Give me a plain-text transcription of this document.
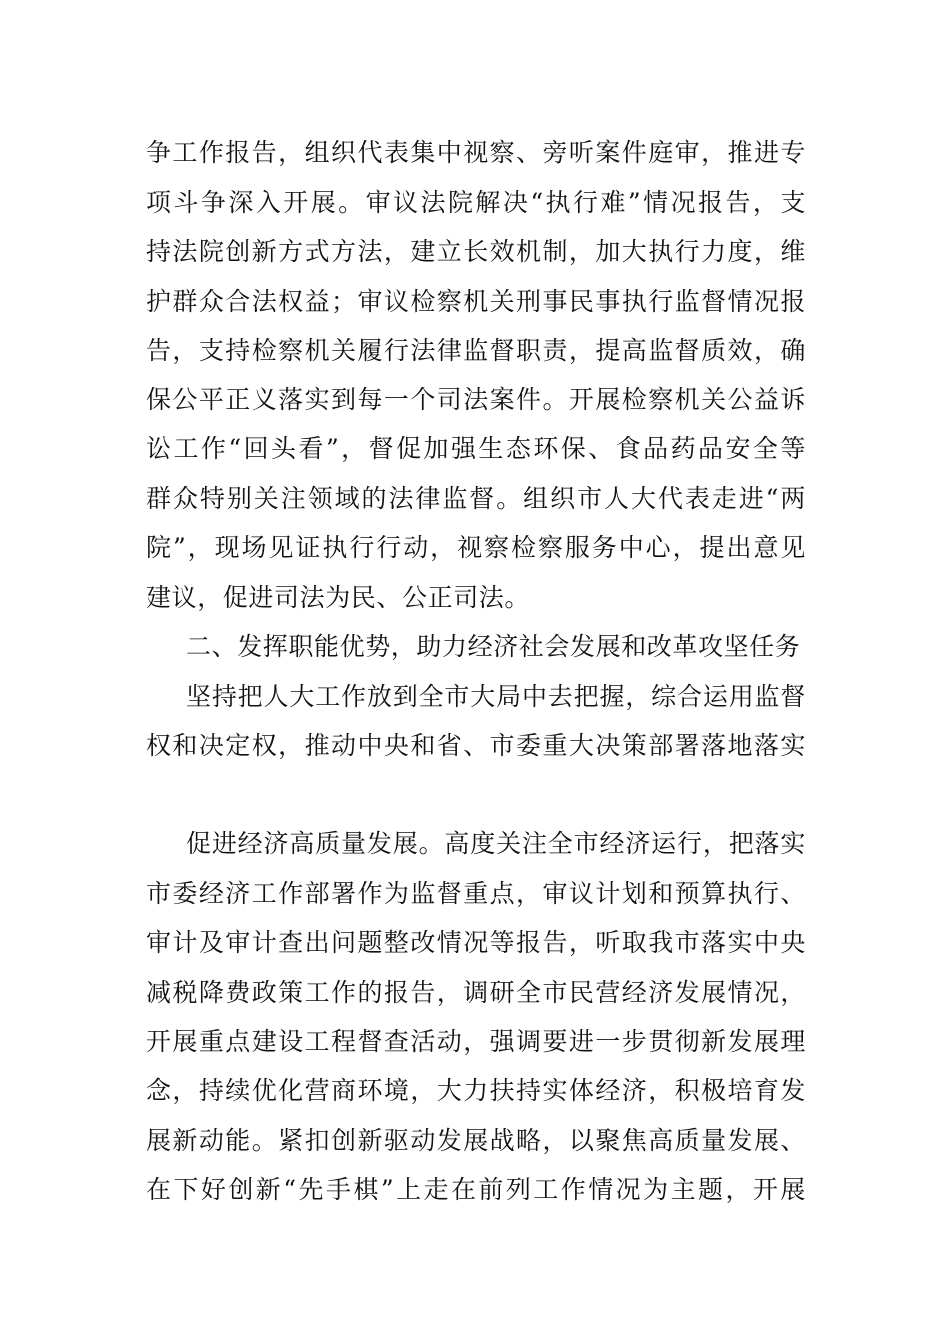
争工作报告，组织代表集中视察、旁听案件庭审，推进专
项斗争深入开展。审议法院解决“执行难”情况报告，支
持法院创新方式方法，建立长效机制，加大执行力度，维
护群众合法权益；审议检察机关刑事民事执行监督情况报
告，支持检察机关履行法律监督职责，提高监督质效，确
保公平正义落实到每一个司法案件。开展检察机关公益诉
讼工作“回头看”，督促加强生态环保、食品药品安全等
群众特别关注领域的法律监督。组织市人大代表走进“两
院”，现场见证执行行动，视察检察服务中心，提出意见
建议，促进司法为民、公正司法。
二、发挥职能优势，助力经济社会发展和改革攻坚任务
坚持把人大工作放到全市大局中去把握，综合运用监督
权和决定权，推动中央和省、市委重大决策部署落地落实
促进经济高质量发展。高度关注全市经济运行，把落实
市委经济工作部署作为监督重点，审议计划和预算执行、
审计及审计查出问题整改情况等报告，听取我市落实中央
减税降费政策工作的报告，调研全市民营经济发展情况，
开展重点建设工程督查活动，强调要进一步贯彻新发展理
念，持续优化营商环境，大力扶持实体经济，积极培育发
展新动能。紧扣创新驱动发展战略，以聚焦高质量发展、
在下好创新“先手棋”上走在前列工作情况为主题，开展
